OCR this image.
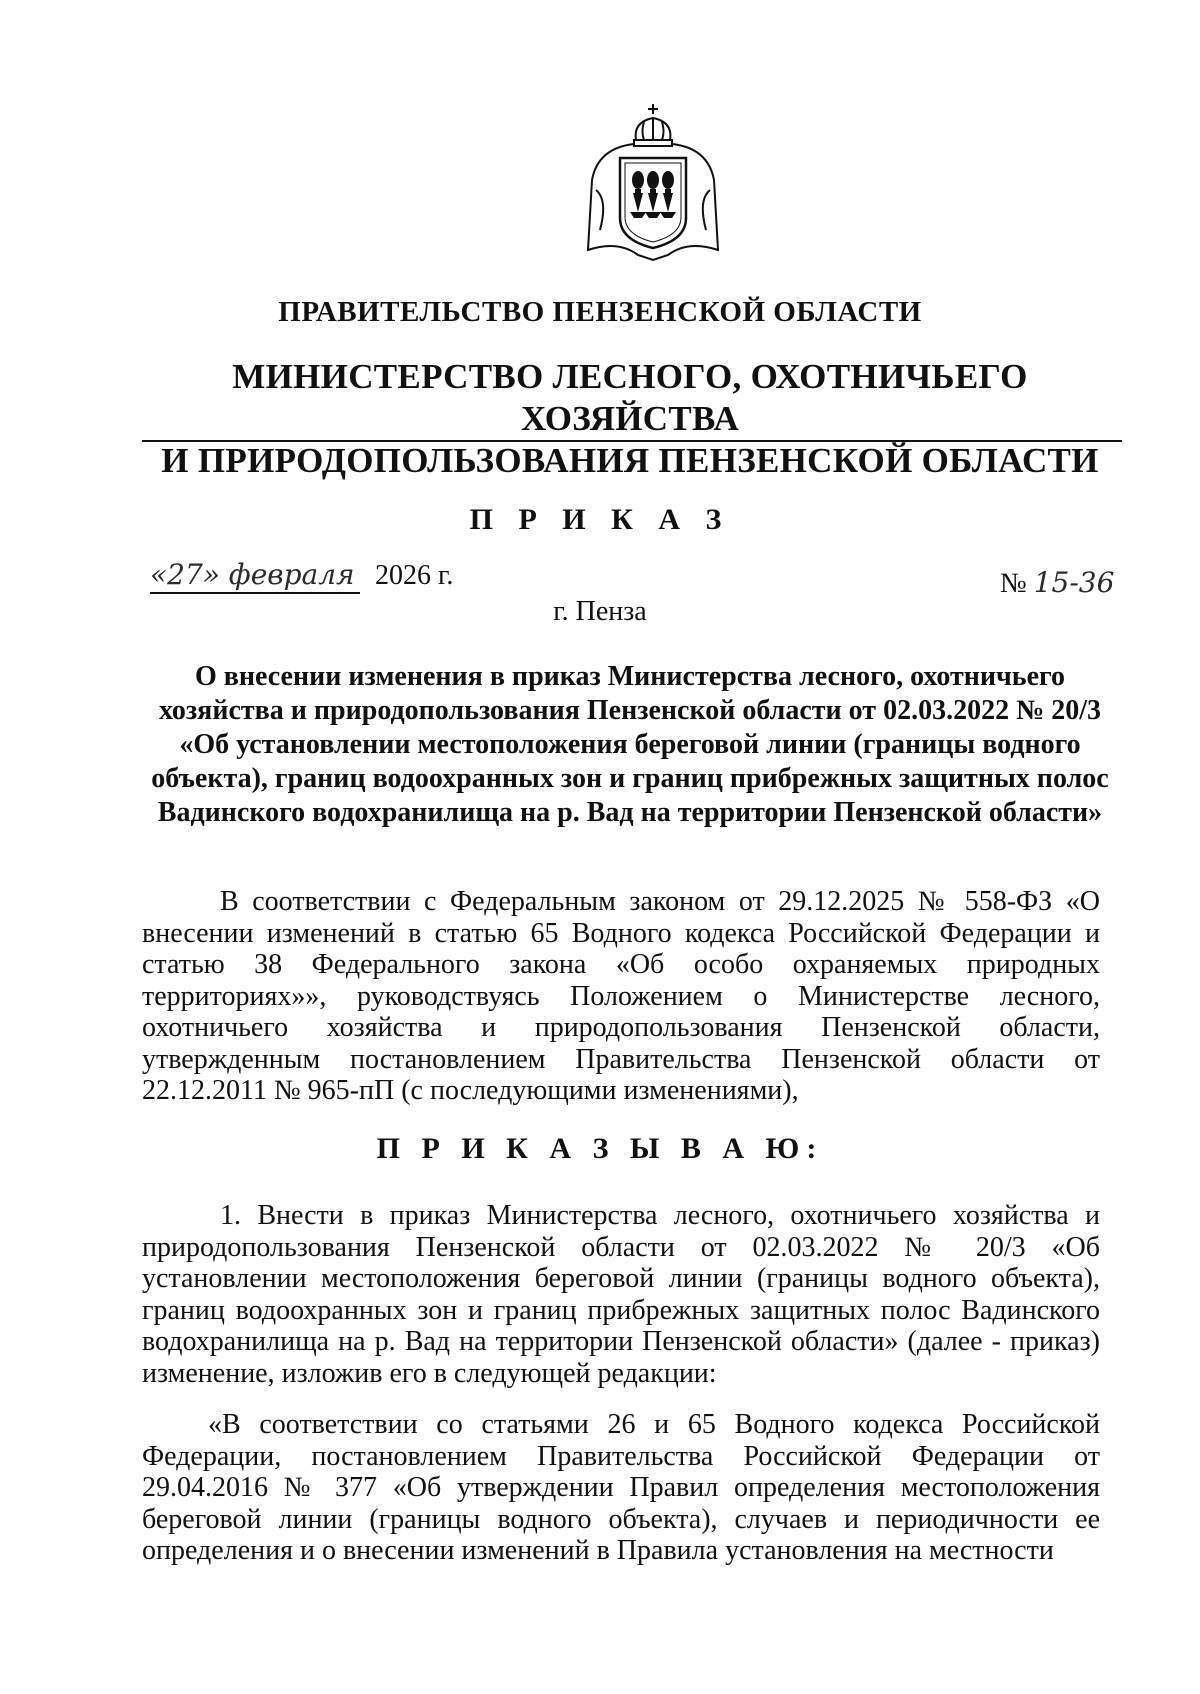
ПРАВИТЕЛЬСТВО ПЕНЗЕНСКОЙ ОБЛАСТИ
МИНИСТЕРСТВО ЛЕСНОГО, ОХОТНИЧЬЕГО ХОЗЯЙСТВА
И ПРИРОДОПОЛЬЗОВАНИЯ ПЕНЗЕНСКОЙ ОБЛАСТИ
П Р И К А З
«27» февраля 2026 г.	№ 15-36
г. Пенза
О внесении изменения в приказ Министерства лесного, охотничьего хозяйства и природопользования Пензенской области от 02.03.2022 № 20/3 «Об установлении местоположения береговой линии (границы водного объекта), границ водоохранных зон и границ прибрежных защитных полос Вадинского водохранилища на р. Вад на территории Пензенской области»
В соответствии с Федеральным законом от 29.12.2025 № 558-ФЗ «О внесении изменений в статью 65 Водного кодекса Российской Федерации и статью 38 Федерального закона «Об особо охраняемых природных территориях»», руководствуясь Положением о Министерстве лесного, охотничьего хозяйства и природопользования Пензенской области, утвержденным постановлением Правительства Пензенской области от 22.12.2011 № 965-пП (с последующими изменениями),
П Р И К А З Ы В А Ю:
1. Внести в приказ Министерства лесного, охотничьего хозяйства и природопользования Пензенской области от 02.03.2022 № 20/3 «Об установлении местоположения береговой линии (границы водного объекта), границ водоохранных зон и границ прибрежных защитных полос Вадинского водохранилища на р. Вад на территории Пензенской области» (далее - приказ) изменение, изложив его в следующей редакции:
«В соответствии со статьями 26 и 65 Водного кодекса Российской Федерации, постановлением Правительства Российской Федерации от 29.04.2016 № 377 «Об утверждении Правил определения местоположения береговой линии (границы водного объекта), случаев и периодичности ее определения и о внесении изменений в Правила установления на местности
